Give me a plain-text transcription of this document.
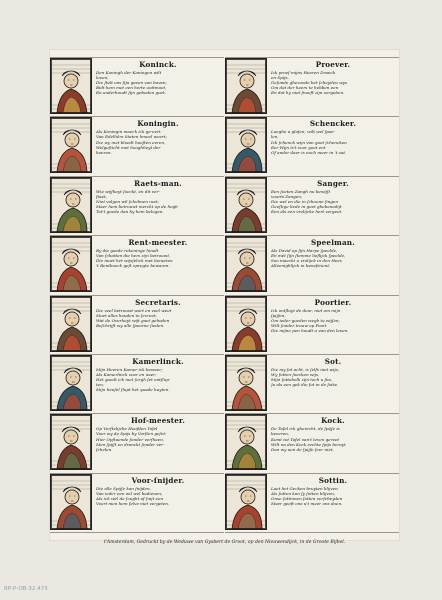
Koninck.
Den Koningh der Koningen wilt
loven,
Die ſtelt ons ſijn gaven van boven;
Bidt hem met een herte oottmoet,
En onderhoudt ſijn geboden goet.
Koningin.
Als Koningin maeck ick ge-eert
Van Edelhêrs Staten hmeel weert;
Die wy met bloedt hooſten eeren,
Welgeſticht met hooghheyt der
heeren.
Raets-man.
Wie wijſheyt ſoeckt, en dit ver-
ſtaet,
Niet volgen wil ſchelmen raet;
Maer hem betrouwt merckt op de hogh
Tot't goede dan hy hem belogen.
Rent-meester.
By die goede rekeninge houdt
Van ſchatten die hem zijn betrouwt,
Die moet het wijsſelick met beraeten
't Rentboeck geſt opregte bewaren.
Secretaris.
Die veel betrouwt wort en veel weet
Moet alles houden in ſecreet;
Wat de Overheyt wijt gaet geboden
Beſchrijft wy alle ſpoorne ſieden.
Kamerlinck.
Mijn Heeren Kamer ick bewaer;
Als Kamerlinck voor en naer:
Het goedt ick met ſorgh ſet ontſlup-
ten,
Mijn heuſel ſlupt het quade buyten.
Hof-meester.
Op Vorſtelijcke Hoofden Tafel
Voor wy de Spijs by Vorſten geſet:
Hier Opſtaende ſonder verſhaen,
Men ſpijſt en dranckt ſonder ver-
ſchelen.
Voor-ſnijder.
Die alle Spijſe kan ſnijden,
Van ieder een wil wel bedienen;
Als ick wel de ſcught af ſnijt een
Voort men hem ſelve niet vergeten.
Proever.
Ick proef mijns Heeren Dranck
en Spijs,
Geſonde ghezonde bet ſcheyden wys
Om dat der heers te hebben een
En dat hy niet ſnoeft zijn vergeben.
Schencker.
Loeghe u glaſen, wilt wel ſpoe-
len,
Ick ſchenck wijn van goet ſchencken
Eer Wijn is't voor goet ent
Of ander daer is noch meer in 't vat.
Sanger.
Een ſoeten Zangh nu bewijſt
voorts Zangen,
Die wel en die in ſchoone ſingen
Geeſtige liede in goet ghebenedijt
Een als een vrolijcke hert vergeet.
Speelman.
Als David op ſijn Harpe ſpeelde,
En met ſijn ſtemme lieflijck ſpeelde,
Soo maeckt u vrolijck in den Heer,
Alleenighlijck in beneficient.
Poortier.
Ick ontſluyt de deur, niet om mijn
ſpijſen,
Om ieder goeden wegh te wijſen;
Wilt ſonder trouw op Poort
Die mijne pen houdt u van den leven.
Sot.
Die my ſot acht, is ſelfs niet wijs;
Wy ſotten ſoecken wijs,
Mijn ſottebolk zijn toch u ſoo,
Ja als een gek die ſot in de ſotte.
Kock.
De Tafel ick gherecht, de ſpijſe is
beveren,
Komt tot Tafel van't leven gereet
Wilt na den Kock rechte ſpijs bereyt
Dan wy aen de ſpijſe ſeer niet.
Sottin.
Laet het Gecken bruyten blijven
Als ſotten kan ſy ſotten blijven,
Onse ſottinnen ſotten verſcheyden
Maer geeft ons u't meer ons doen.
t'Amsterdam, Gedruckt by de Weduwe van Gysbert de Groot, op den Nieuwendijck, in de Groote Bijbel.
RP-P-OB-32.473
